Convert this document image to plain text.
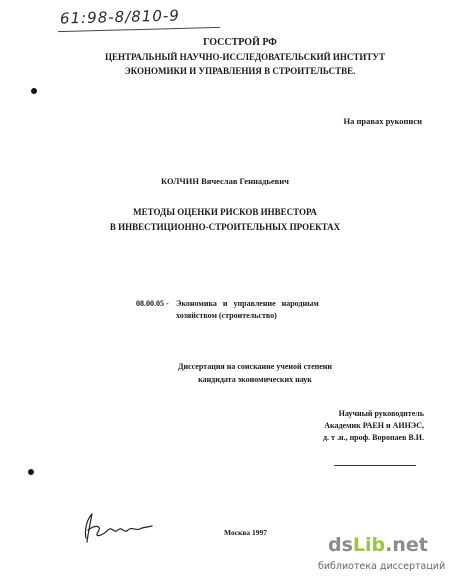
61:98-8/810-9
ГОССТРОЙ РФ
ЦЕНТРАЛЬНЫЙ НАУЧНО-ИССЛЕДОВАТЕЛЬСКИЙ ИНСТИТУТ
ЭКОНОМИКИ И УПРАВЛЕНИЯ В СТРОИТЕЛЬСТВЕ.
На правах рукописи
КОЛЧИН Вячеслав Геннадьевич
МЕТОДЫ ОЦЕНКИ РИСКОВ ИНВЕСТОРА
В ИНВЕСТИЦИОННО-СТРОИТЕЛЬНЫХ ПРОЕКТАХ
08.00.05 - Экономика и управление народным
хозяйством (строительство)
Диссертация на соискание ученой степени
кандидата экономических наук
Научный руководитель
Академик РАЕН и АИНЭС,
д. т .н., проф. Воропаев В.И.
Москва 1997
dsLib.net
библиотека диссертаций
